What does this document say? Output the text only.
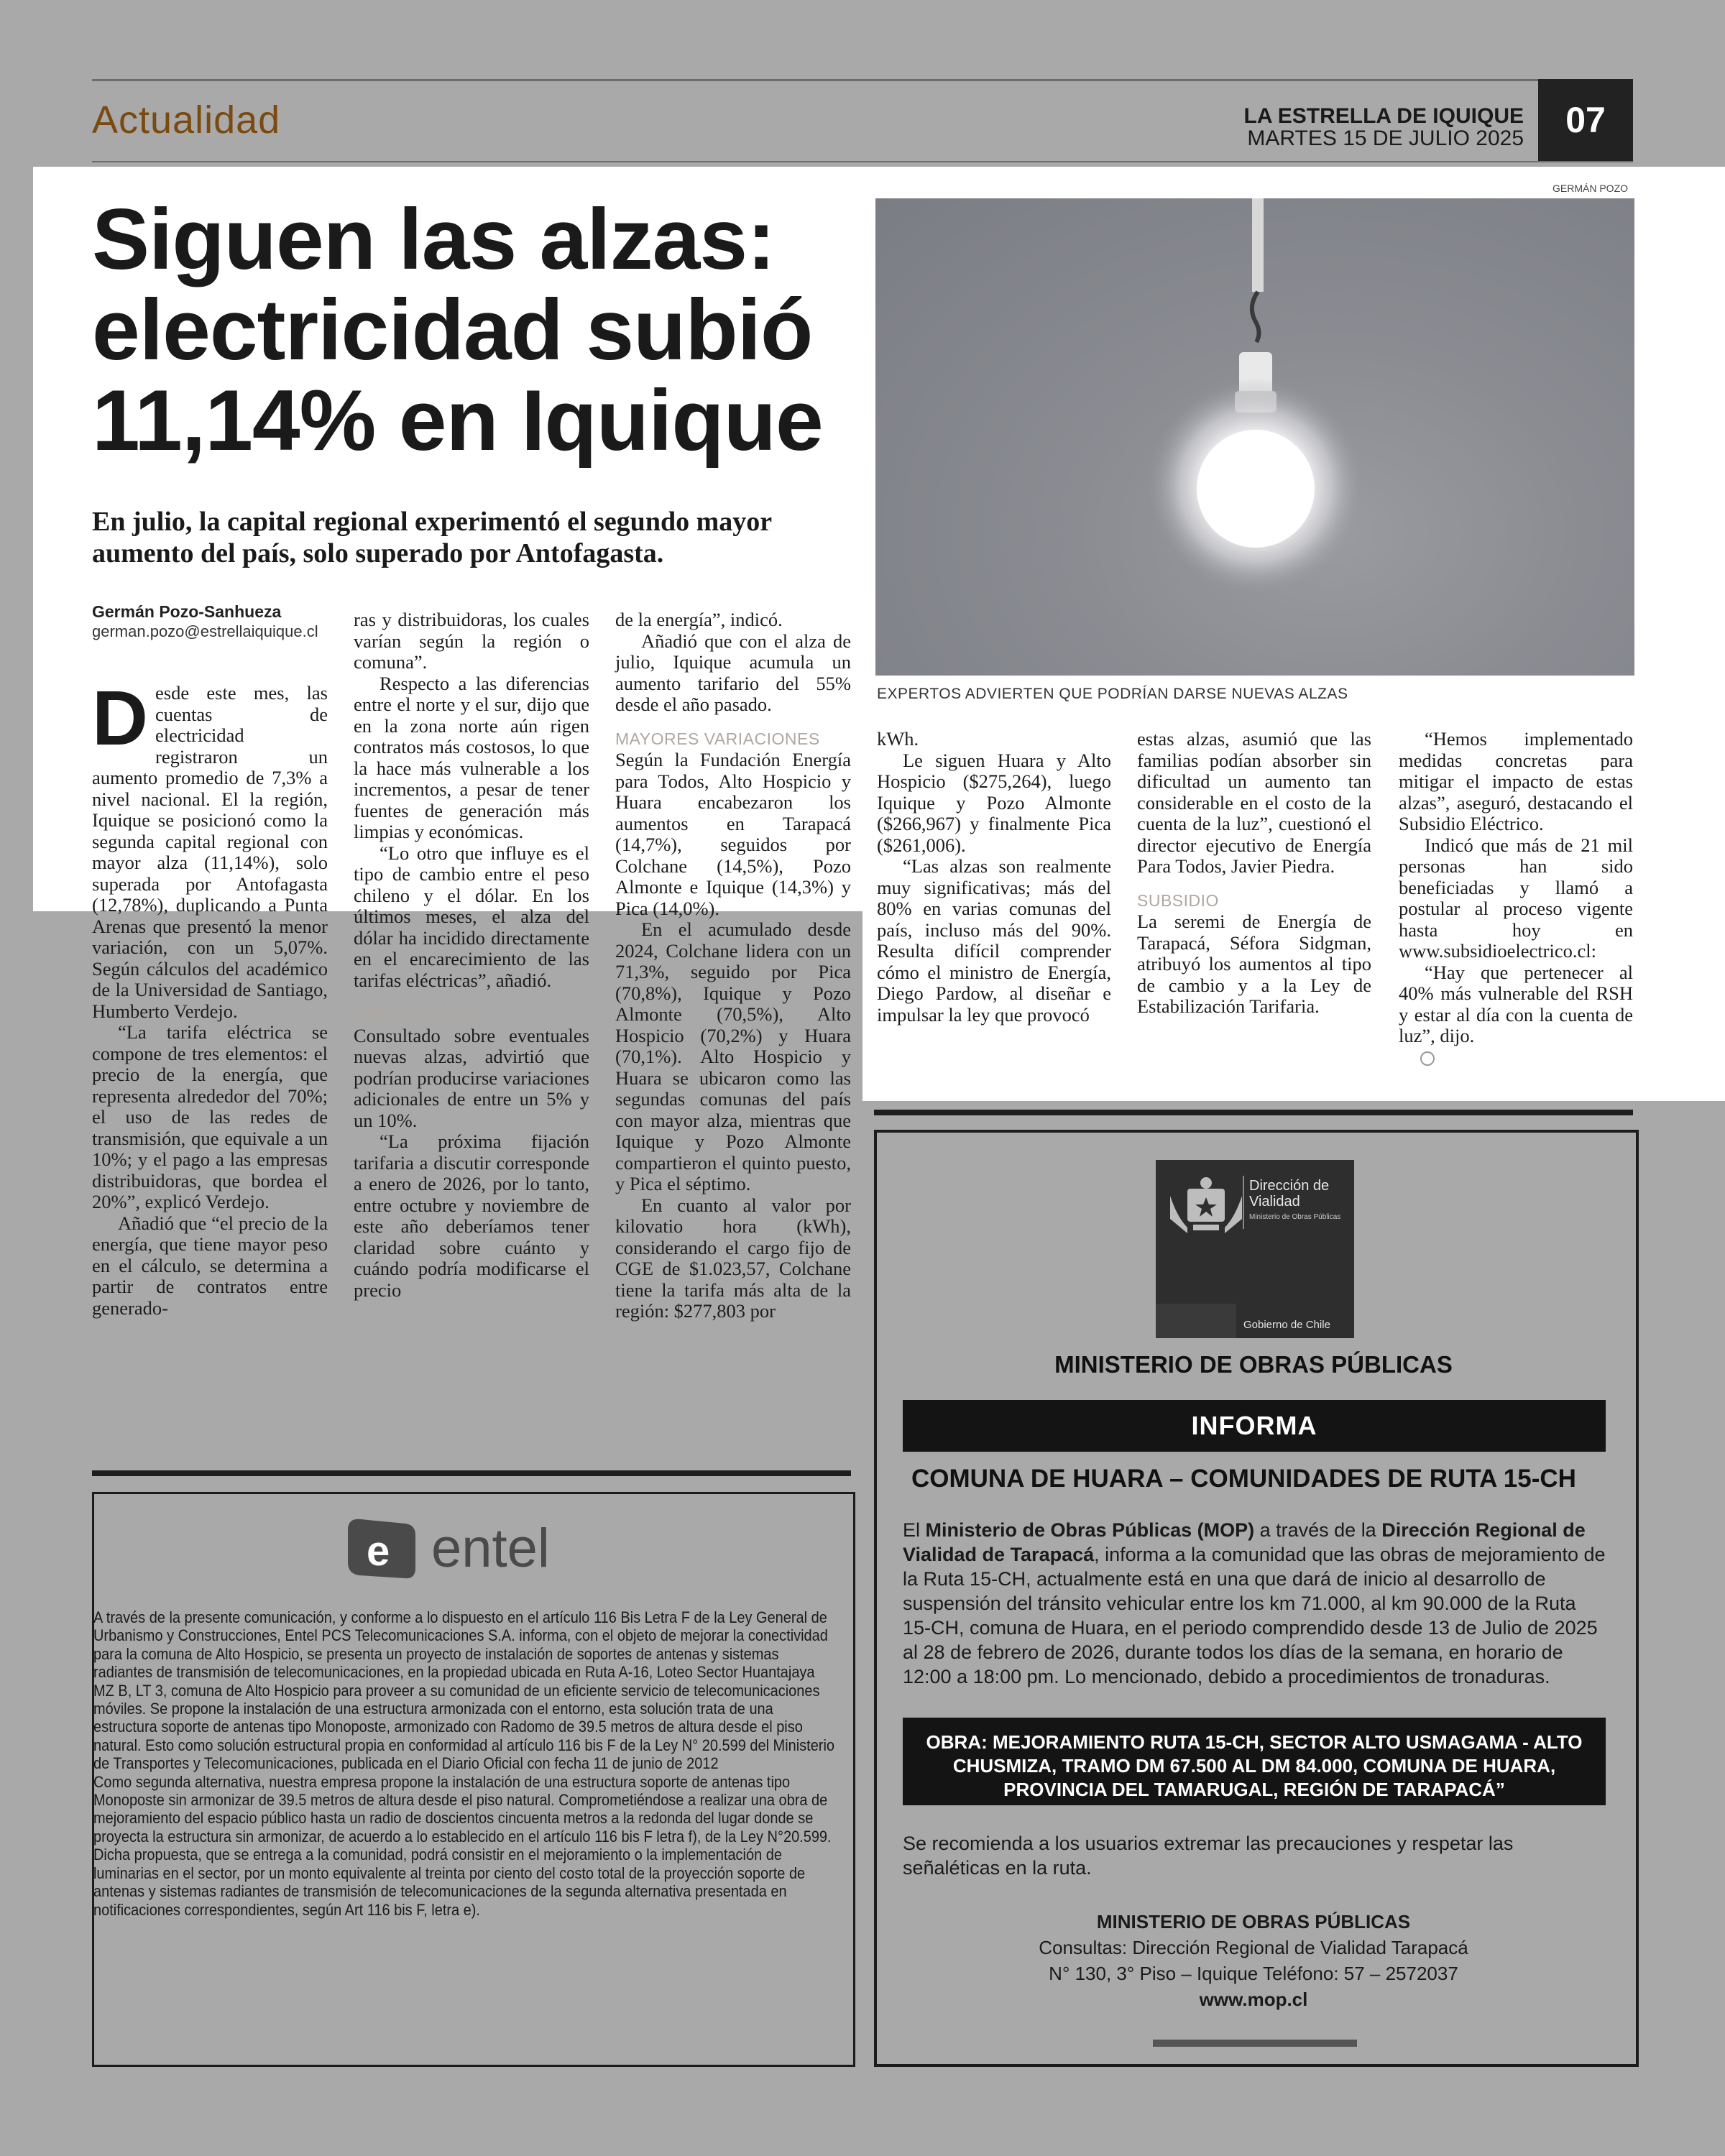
Actualidad	LA ESTRELLA DE IQUIQUE
MARTES 15 DE JULIO 2025	07
Siguen las alzas: electricidad subió 11,14% en Iquique
En julio, la capital regional experimentó el segundo mayor aumento del país, solo superado por Antofagasta.
Germán Pozo-Sanhueza
german.pozo@estrellaiquique.cl
GERMÁN POZO
EXPERTOS ADVIERTEN QUE PODRÍAN DARSE NUEVAS ALZAS
D esde este mes, las cuentas de electricidad registraron un aumento promedio de 7,3% a nivel nacional. El la región, Iquique se posicionó como la segunda capital regional con mayor alza (11,14%), solo superada por Antofagasta (12,78%), duplicando a Punta Arenas que presentó la menor variación, con un 5,07%. Según cálculos del académico de la Universidad de Santiago, Humberto Verdejo.

“La tarifa eléctrica se compone de tres elementos: el precio de la energía, que representa alrededor del 70%; el uso de las redes de transmisión, que equivale a un 10%; y el pago a las empresas distribuidoras, que bordea el 20%”, explicó Verdejo.

Añadió que “el precio de la energía, que tiene mayor peso en el cálculo, se determina a partir de contratos entre generado-

ras y distribuidoras, los cuales varían según la región o comuna”.

Respecto a las diferencias entre el norte y el sur, dijo que en la zona norte aún rigen contratos más costosos, lo que la hace más vulnerable a los incrementos, a pesar de tener fuentes de generación más limpias y económicas.

“Lo otro que influye es el tipo de cambio entre el peso chileno y el dólar. En los últimos meses, el alza del dólar ha incidido directamente en el encarecimiento de las tarifas eléctricas”, añadió.

NUEVAS ALZAS

Consultado sobre eventuales nuevas alzas, advirtió que podrían producirse variaciones adicionales de entre un 5% y un 10%.

“La próxima fijación tarifaria a discutir corresponde a enero de 2026, por lo tanto, entre octubre y noviembre de este año deberíamos tener claridad sobre cuánto y cuándo podría modificarse el precio

de la energía”, indicó.

Añadió que con el alza de julio, Iquique acumula un aumento tarifario del 55% desde el año pasado.

MAYORES VARIACIONES

Según la Fundación Energía para Todos, Alto Hospicio y Huara encabezaron los aumentos en Tarapacá (14,7%), seguidos por Colchane (14,5%), Pozo Almonte e Iquique (14,3%) y Pica (14,0%).

En el acumulado desde 2024, Colchane lidera con un 71,3%, seguido por Pica (70,8%), Iquique y Pozo Almonte (70,5%), Alto Hospicio (70,2%) y Huara (70,1%). Alto Hospicio y Huara se ubicaron como las segundas comunas del país con mayor alza, mientras que Iquique y Pozo Almonte compartieron el quinto puesto, y Pica el séptimo.

En cuanto al valor por kilovatio hora (kWh), considerando el cargo fijo de CGE de $1.023,57, Colchane tiene la tarifa más alta de la región: $277,803 por

kWh.

Le siguen Huara y Alto Hospicio ($275,264), luego Iquique y Pozo Almonte ($266,967) y finalmente Pica ($261,006).

“Las alzas son realmente muy significativas; más del 80% en varias comunas del país, incluso más del 90%. Resulta difícil comprender cómo el ministro de Energía, Diego Pardow, al diseñar e impulsar la ley que provocó

estas alzas, asumió que las familias podían absorber sin dificultad un aumento tan considerable en el costo de la cuenta de la luz”, cuestionó el director ejecutivo de Energía Para Todos, Javier Piedra.

SUBSIDIO

La seremi de Energía de Tarapacá, Séfora Sidgman, atribuyó los aumentos al tipo de cambio y a la Ley de Estabilización Tarifaria.

“Hemos implementado medidas concretas para mitigar el impacto de estas alzas”, aseguró, destacando el Subsidio Eléctrico.

Indicó que más de 21 mil personas han sido beneficiadas y llamó a postular al proceso vigente hasta hoy en www.subsidioelectrico.cl:

“Hay que pertenecer al 40% más vulnerable del RSH y estar al día con la cuenta de luz”, dijo.

e entel

A través de la presente comunicación, y conforme a lo dispuesto en el artículo 116 Bis Letra F de la Ley General de Urbanismo y Construcciones, Entel PCS Telecomunicaciones S.A. informa, con el objeto de mejorar la conectividad para la comuna de Alto Hospicio, se presenta un proyecto de instalación de soportes de antenas y sistemas radiantes de transmisión de telecomunicaciones, en la propiedad ubicada en Ruta A-16, Loteo Sector Huantajaya MZ B, LT 3, comuna de Alto Hospicio para proveer a su comunidad de un eficiente servicio de telecomunicaciones móviles. Se propone la instalación de una estructura armonizada con el entorno, esta solución trata de una estructura soporte de antenas tipo Monoposte, armonizado con Radomo de 39.5 metros de altura desde el piso natural. Esto como solución estructural propia en conformidad al artículo 116 bis F de la Ley N° 20.599 del Ministerio de Transportes y Telecomunicaciones, publicada en el Diario Oficial con fecha 11 de junio de 2012

Como segunda alternativa, nuestra empresa propone la instalación de una estructura soporte de antenas tipo Monoposte sin armonizar de 39.5 metros de altura desde el piso natural. Comprometiéndose a realizar una obra de mejoramiento del espacio público hasta un radio de doscientos cincuenta metros a la redonda del lugar donde se proyecta la estructura sin armonizar, de acuerdo a lo establecido en el artículo 116 bis F letra f), de la Ley N°20.599. Dicha propuesta, que se entrega a la comunidad, podrá consistir en el mejoramiento o la implementación de luminarias en el sector, por un monto equivalente al treinta por ciento del costo total de la proyección soporte de antenas y sistemas radiantes de transmisión de telecomunicaciones de la segunda alternativa presentada en notificaciones correspondientes, según Art 116 bis F, letra e).

Dirección de
Vialidad
Ministerio de Obras Públicas
Gobierno de Chile
MINISTERIO DE OBRAS PÚBLICAS
INFORMA
COMUNA DE HUARA – COMUNIDADES DE RUTA 15-CH
El Ministerio de Obras Públicas (MOP) a través de la Dirección Regional de Vialidad de Tarapacá, informa a la comunidad que las obras de mejoramiento de la Ruta 15-CH, actualmente está en una que dará de inicio al desarrollo de suspensión del tránsito vehicular entre los km 71.000, al km 90.000 de la Ruta 15-CH, comuna de Huara, en el periodo comprendido desde 13 de Julio de 2025 al 28 de febrero de 2026, durante todos los días de la semana, en horario de 12:00 a 18:00 pm. Lo mencionado, debido a procedimientos de tronaduras.
OBRA: MEJORAMIENTO RUTA 15-CH, SECTOR ALTO USMAGAMA - ALTO CHUSMIZA, TRAMO DM 67.500 AL DM 84.000, COMUNA DE HUARA, PROVINCIA DEL TAMARUGAL, REGIÓN DE TARAPACÁ”
Se recomienda a los usuarios extremar las precauciones y respetar las señaléticas en la ruta.
MINISTERIO DE OBRAS PÚBLICAS
Consultas: Dirección Regional de Vialidad Tarapacá
N° 130, 3° Piso – Iquique Teléfono: 57 – 2572037
www.mop.cl
